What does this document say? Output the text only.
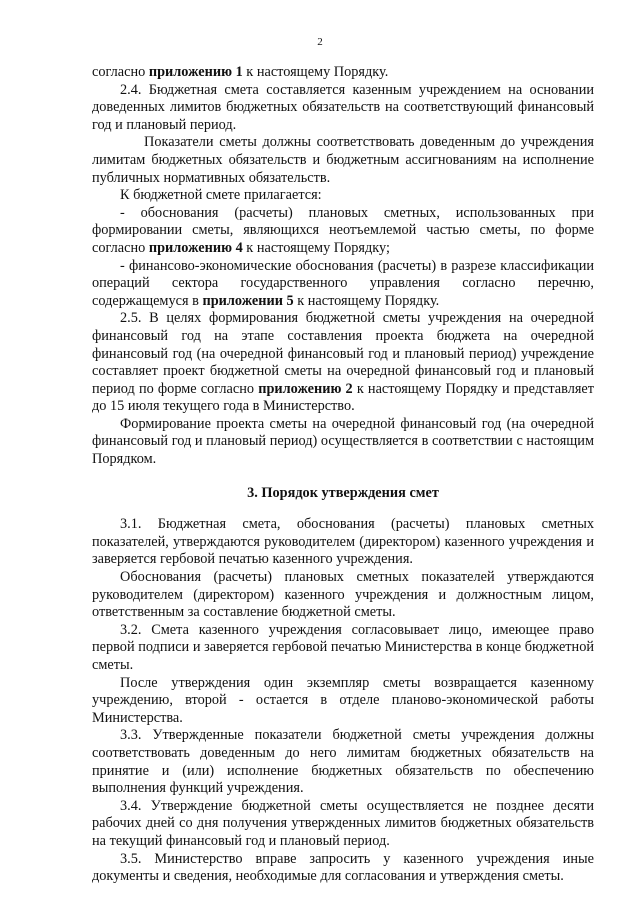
2

согласно приложению 1 к настоящему Порядку.

2.4. Бюджетная смета составляется казенным учреждением на основании доведенных лимитов бюджетных обязательств на соответствующий финансовый год и плановый период.

Показатели сметы должны соответствовать доведенным до учреждения лимитам бюджетных обязательств и бюджетным ассигнованиям на исполнение публичных нормативных обязательств.

К бюджетной смете прилагается:

- обоснования (расчеты) плановых сметных, использованных при формировании сметы, являющихся неотъемлемой частью сметы, по форме согласно приложению 4 к настоящему Порядку;

- финансово-экономические обоснования (расчеты) в разрезе классификации операций сектора государственного управления согласно перечню, содержащемуся в приложении 5 к настоящему Порядку.

2.5. В целях формирования бюджетной сметы учреждения на очередной финансовый год на этапе составления проекта бюджета на очередной финансовый год (на очередной финансовый год и плановый период) учреждение составляет проект бюджетной сметы на очередной финансовый год и плановый период по форме согласно приложению 2 к настоящему Порядку и представляет до 15 июля текущего года в Министерство.

Формирование проекта сметы на очередной финансовый год (на очередной финансовый год и плановый период) осуществляется в соответствии с настоящим Порядком.

3. Порядок утверждения смет

3.1. Бюджетная смета, обоснования (расчеты) плановых сметных показателей, утверждаются руководителем (директором) казенного учреждения и заверяется гербовой печатью казенного учреждения.

Обоснования (расчеты) плановых сметных показателей утверждаются руководителем (директором) казенного учреждения и должностным лицом, ответственным за составление бюджетной сметы.

3.2. Смета казенного учреждения согласовывает лицо, имеющее право первой подписи и заверяется гербовой печатью Министерства в конце бюджетной сметы.

После утверждения один экземпляр сметы возвращается казенному учреждению, второй - остается в отделе планово-экономической работы Министерства.

3.3. Утвержденные показатели бюджетной сметы учреждения должны соответствовать доведенным до него лимитам бюджетных обязательств на принятие и (или) исполнение бюджетных обязательств по обеспечению выполнения функций учреждения.

3.4. Утверждение бюджетной сметы осуществляется не позднее десяти рабочих дней со дня получения утвержденных лимитов бюджетных обязательств на текущий финансовый год и плановый период.

3.5. Министерство вправе запросить у казенного учреждения иные документы и сведения, необходимые для согласования и утверждения сметы.
